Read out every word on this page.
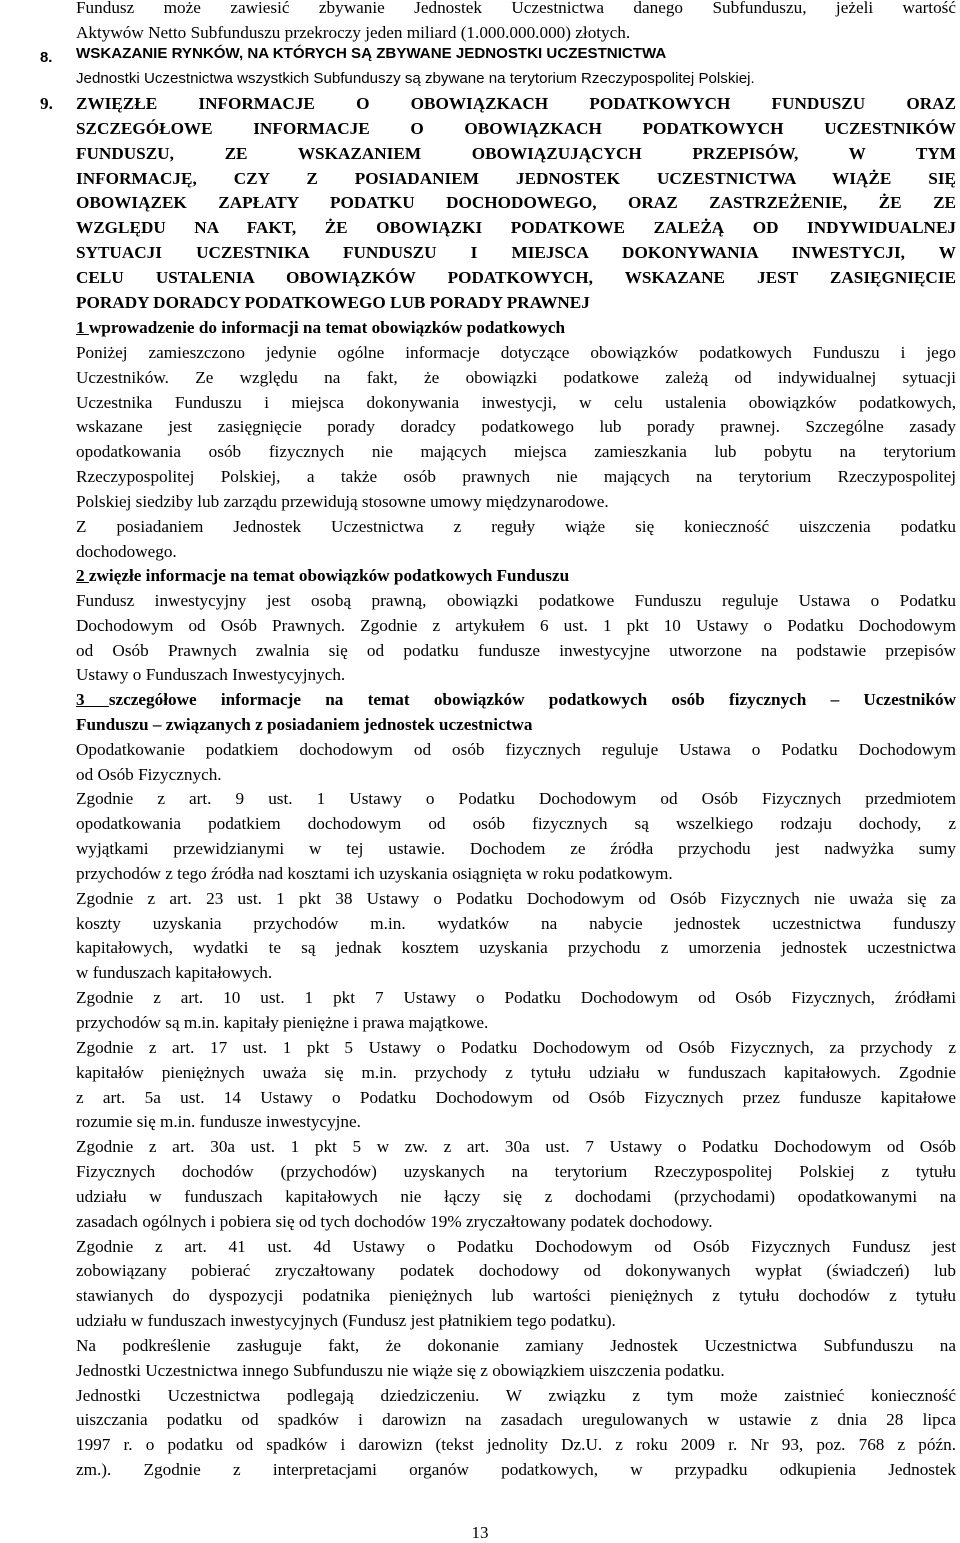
Fundusz może zawiesić zbywanie Jednostek Uczestnictwa danego Subfunduszu, jeżeli wartość
Aktywów Netto Subfunduszu przekroczy jeden miliard (1.000.000.000) złotych.
8. WSKAZANIE RYNKÓW, NA KTÓRYCH SĄ ZBYWANE JEDNOSTKI UCZESTNICTWA
Jednostki Uczestnictwa wszystkich Subfunduszy są zbywane na terytorium Rzeczypospolitej Polskiej.
9. ZWIĘZŁE INFORMACJE O OBOWIĄZKACH PODATKOWYCH FUNDUSZU ORAZ
SZCZEGÓŁOWE INFORMACJE O OBOWIĄZKACH PODATKOWYCH UCZESTNIKÓW
FUNDUSZU, ZE WSKAZANIEM OBOWIĄZUJĄCYCH PRZEPISÓW, W TYM
INFORMACJĘ, CZY Z POSIADANIEM JEDNOSTEK UCZESTNICTWA WIĄŻE SIĘ
OBOWIĄZEK ZAPŁATY PODATKU DOCHODOWEGO, ORAZ ZASTRZEŻENIE, ŻE ZE
WZGLĘDU NA FAKT, ŻE OBOWIĄZKI PODATKOWE ZALEŻĄ OD INDYWIDUALNEJ
SYTUACJI UCZESTNIKA FUNDUSZU I MIEJSCA DOKONYWANIA INWESTYCJI, W
CELU USTALENIA OBOWIĄZKÓW PODATKOWYCH, WSKAZANE JEST ZASIĘGNIĘCIE
PORADY DORADCY PODATKOWEGO LUB PORADY PRAWNEJ
1 wprowadzenie do informacji na temat obowiązków podatkowych
Poniżej zamieszczono jedynie ogólne informacje dotyczące obowiązków podatkowych Funduszu i jego
Uczestników. Ze względu na fakt, że obowiązki podatkowe zależą od indywidualnej sytuacji
Uczestnika Funduszu i miejsca dokonywania inwestycji, w celu ustalenia obowiązków podatkowych,
wskazane jest zasięgnięcie porady doradcy podatkowego lub porady prawnej. Szczególne zasady
opodatkowania osób fizycznych nie mających miejsca zamieszkania lub pobytu na terytorium
Rzeczypospolitej Polskiej, a także osób prawnych nie mających na terytorium Rzeczypospolitej
Polskiej siedziby lub zarządu przewidują stosowne umowy międzynarodowe.
Z posiadaniem Jednostek Uczestnictwa z reguły wiąże się konieczność uiszczenia podatku
dochodowego.
2 zwięzłe informacje na temat obowiązków podatkowych Funduszu
Fundusz inwestycyjny jest osobą prawną, obowiązki podatkowe Funduszu reguluje Ustawa o Podatku
Dochodowym od Osób Prawnych. Zgodnie z artykułem 6 ust. 1 pkt 10 Ustawy o Podatku Dochodowym
od Osób Prawnych zwalnia się od podatku fundusze inwestycyjne utworzone na podstawie przepisów
Ustawy o Funduszach Inwestycyjnych.
3 szczegółowe informacje na temat obowiązków podatkowych osób fizycznych – Uczestników
Funduszu – związanych z posiadaniem jednostek uczestnictwa
Opodatkowanie podatkiem dochodowym od osób fizycznych reguluje Ustawa o Podatku Dochodowym
od Osób Fizycznych.
Zgodnie z art. 9 ust. 1 Ustawy o Podatku Dochodowym od Osób Fizycznych przedmiotem
opodatkowania podatkiem dochodowym od osób fizycznych są wszelkiego rodzaju dochody, z
wyjątkami przewidzianymi w tej ustawie. Dochodem ze źródła przychodu jest nadwyżka sumy
przychodów z tego źródła nad kosztami ich uzyskania osiągnięta w roku podatkowym.
Zgodnie z art. 23 ust. 1 pkt 38 Ustawy o Podatku Dochodowym od Osób Fizycznych nie uważa się za
koszty uzyskania przychodów m.in. wydatków na nabycie jednostek uczestnictwa funduszy
kapitałowych, wydatki te są jednak kosztem uzyskania przychodu z umorzenia jednostek uczestnictwa
w funduszach kapitałowych.
Zgodnie z art. 10 ust. 1 pkt 7 Ustawy o Podatku Dochodowym od Osób Fizycznych, źródłami
przychodów są m.in. kapitały pieniężne i prawa majątkowe.
Zgodnie z art. 17 ust. 1 pkt 5 Ustawy o Podatku Dochodowym od Osób Fizycznych, za przychody z
kapitałów pieniężnych uważa się m.in. przychody z tytułu udziału w funduszach kapitałowych. Zgodnie
z art. 5a ust. 14 Ustawy o Podatku Dochodowym od Osób Fizycznych przez fundusze kapitałowe
rozumie się m.in. fundusze inwestycyjne.
Zgodnie z art. 30a ust. 1 pkt 5 w zw. z art. 30a ust. 7 Ustawy o Podatku Dochodowym od Osób
Fizycznych dochodów (przychodów) uzyskanych na terytorium Rzeczypospolitej Polskiej z tytułu
udziału w funduszach kapitałowych nie łączy się z dochodami (przychodami) opodatkowanymi na
zasadach ogólnych i pobiera się od tych dochodów 19% zryczałtowany podatek dochodowy.
Zgodnie z art. 41 ust. 4d Ustawy o Podatku Dochodowym od Osób Fizycznych Fundusz jest
zobowiązany pobierać zryczałtowany podatek dochodowy od dokonywanych wypłat (świadczeń) lub
stawianych do dyspozycji podatnika pieniężnych lub wartości pieniężnych z tytułu dochodów z tytułu
udziału w funduszach inwestycyjnych (Fundusz jest płatnikiem tego podatku).
Na podkreślenie zasługuje fakt, że dokonanie zamiany Jednostek Uczestnictwa Subfunduszu na
Jednostki Uczestnictwa innego Subfunduszu nie wiąże się z obowiązkiem uiszczenia podatku.
Jednostki Uczestnictwa podlegają dziedziczeniu. W związku z tym może zaistnieć konieczność
uiszczania podatku od spadków i darowizn na zasadach uregulowanych w ustawie z dnia 28 lipca
1997 r. o podatku od spadków i darowizn (tekst jednolity Dz.U. z roku 2009 r. Nr 93, poz. 768 z późn.
zm.). Zgodnie z interpretacjami organów podatkowych, w przypadku odkupienia Jednostek
13
